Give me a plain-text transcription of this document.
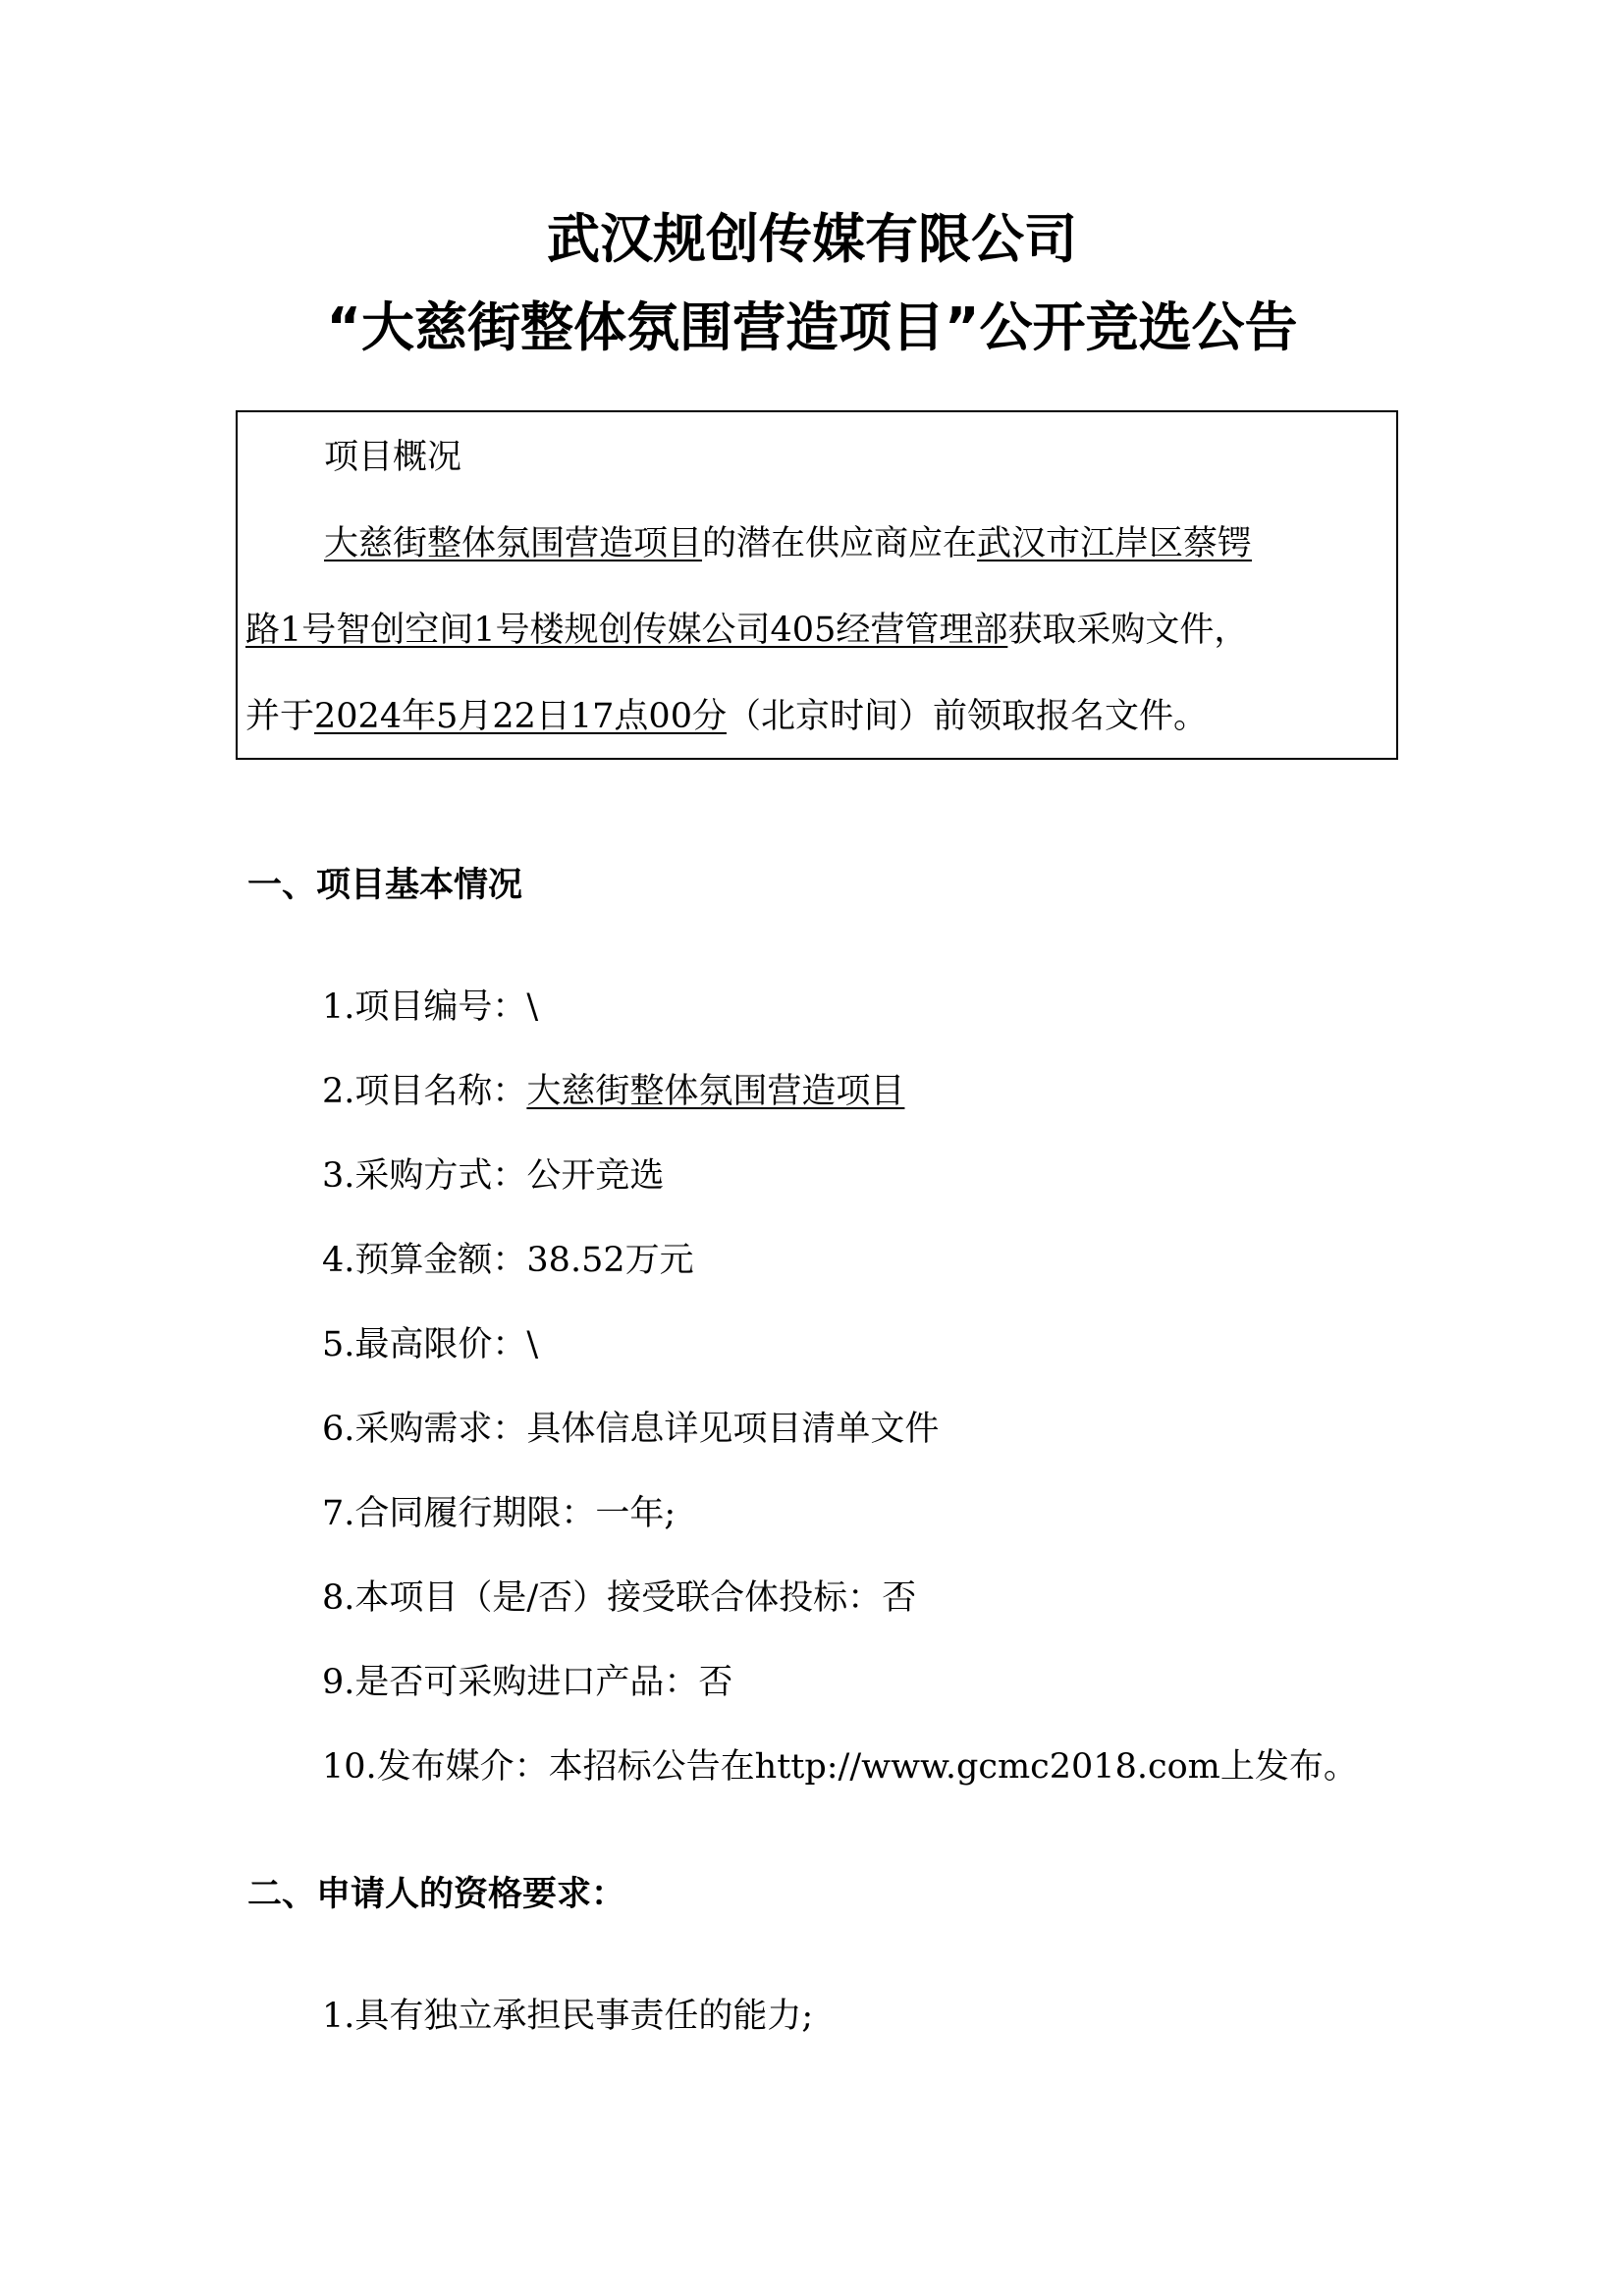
武汉规创传媒有限公司
“大慈街整体氛围营造项目”公开竞选公告

项目概况

大慈街整体氛围营造项目的潜在供应商应在武汉市江岸区蔡锷

路1号智创空间1号楼规创传媒公司405经营管理部获取采购文件，

并于2024年5月22日17点00分（北京时间）前领取报名文件。

一、项目基本情况

1.项目编号：\

2.项目名称：大慈街整体氛围营造项目

3.采购方式：公开竞选

4.预算金额：38.52万元

5.最高限价：\

6.采购需求：具体信息详见项目清单文件

7.合同履行期限：一年;

8.本项目（是/否）接受联合体投标：否

9.是否可采购进口产品：否

10.发布媒介：本招标公告在http://www.gcmc2018.com上发布。

二、申请人的资格要求：

1.具有独立承担民事责任的能力;
